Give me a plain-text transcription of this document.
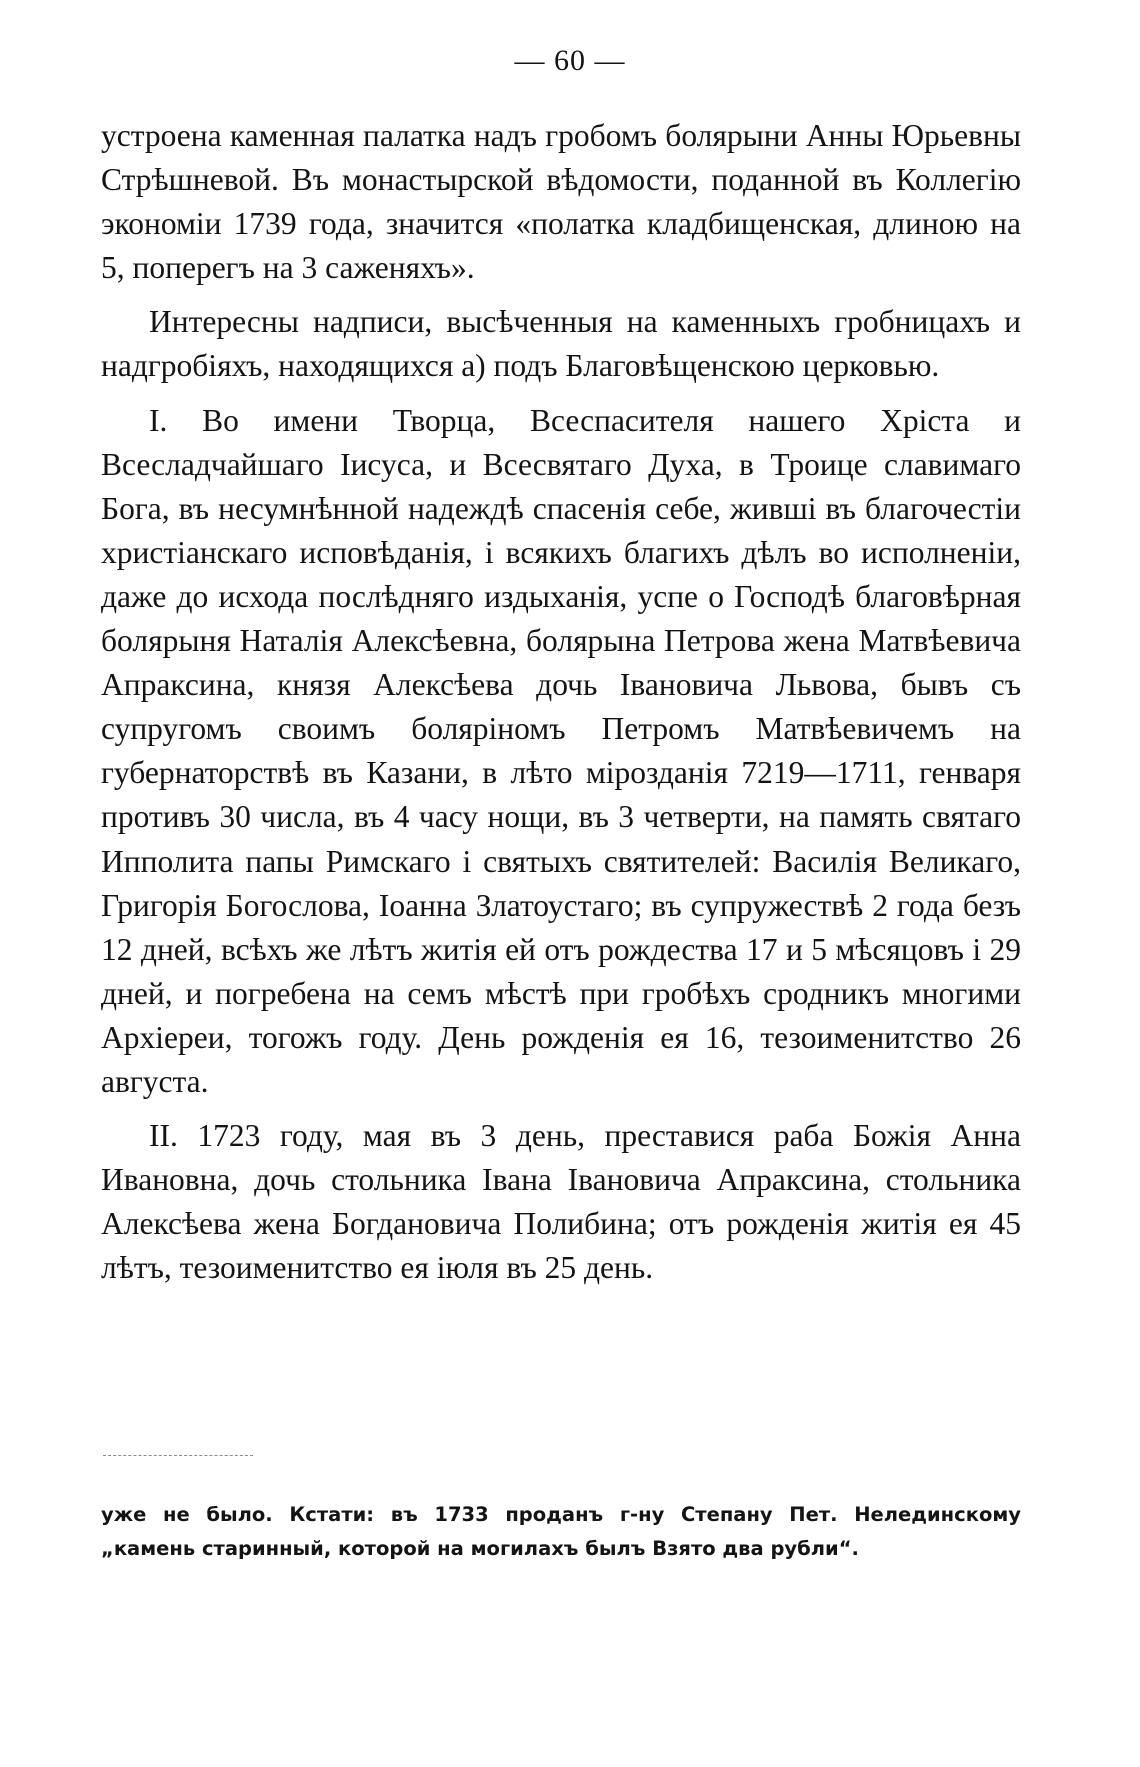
— 60 —

устроена каменная палатка надъ гробомъ болярыни Анны Юрьевны Стрѣшневой. Въ монастырской вѣдомости, поданной въ Коллегію экономіи 1739 года, значится «полатка кладбищенская, длиною на 5, поперегъ на 3 саженяхъ».

Интересны надписи, высѣченныя на каменныхъ гробницахъ и надгробіяхъ, находящихся а) подъ Благовѣщенскою церковью.

I. Во имени Творца, Всеспасителя нашего Хріста и Всесладчайшаго Іисуса, и Всесвятаго Духа, в Троице славимаго Бога, въ несумнѣнной надеждѣ спасенія себе, жившi въ благочестіи христіанскаго исповѣданія, і всякихъ благихъ дѣлъ во исполненіи, даже до исхода послѣдняго издыханія, успе о Господѣ благовѣрная болярыня Наталія Алексѣевна, болярына Петрова жена Матвѣевича Апраксина, князя Алексѣева дочь Івановича Львова, бывъ съ супругомъ своимъ болярiномъ Петромъ Матвѣевичемъ на губернаторствѣ въ Казани, в лѣто мiрозданія 7219—1711, генваря противъ 30 числа, въ 4 часу нощи, въ 3 четверти, на память святаго Ипполита папы Римскаго і святыхъ святителей: Василія Великаго, Григорія Богослова, Іоанна Златоустаго; въ супружествѣ 2 года безъ 12 дней, всѣхъ же лѣтъ житія ей отъ рождества 17 и 5 мѣсяцовъ і 29 дней, и погребена на семъ мѣстѣ при гробѣхъ сродникъ многими Архіереи, тогожъ году. День рожденія ея 16, тезоименитство 26 августа.

II. 1723 году, мая въ 3 день, преставися раба Божія Анна Ивановна, дочь стольника Івана Івановича Апраксина, стольника Алексѣева жена Богдановича Полибина; отъ рожденія житія ея 45 лѣтъ, тезоименитство ея іюля въ 25 день.

уже не было. Кстати: въ 1733 проданъ г-ну Степану Пет. Нелединскому „камень старинный, которой на могилахъ былъ Взято два рубли“.
